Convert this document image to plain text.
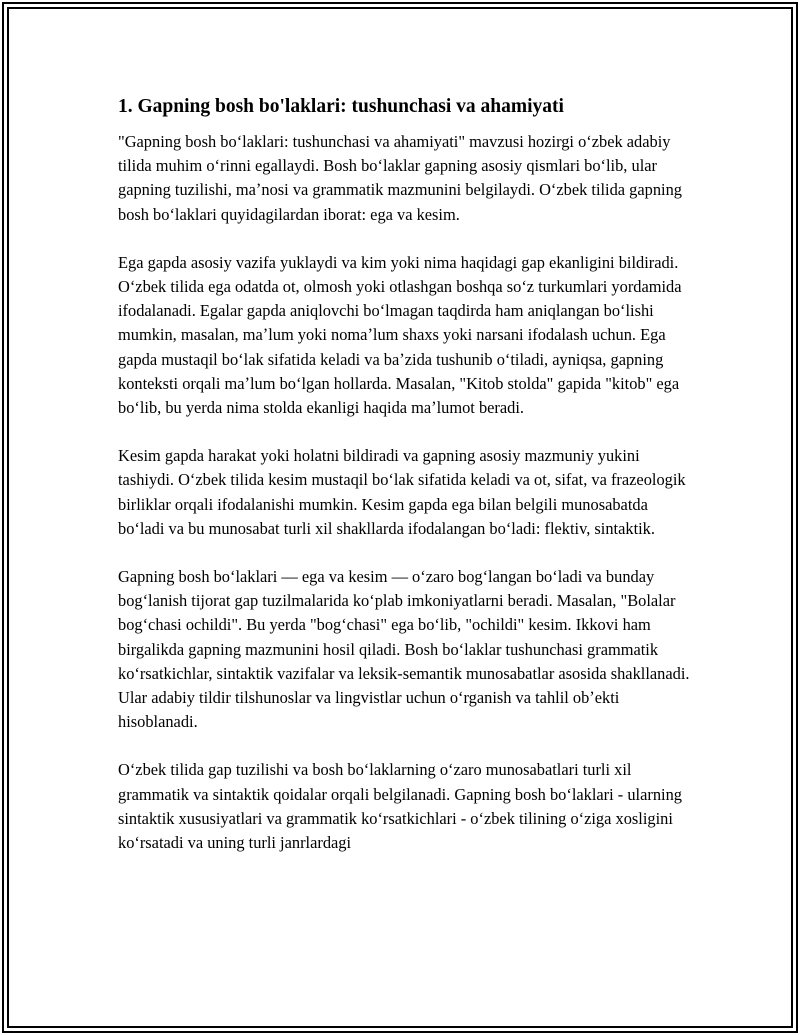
1. Gapning bosh bo'laklari: tushunchasi va ahamiyati

"Gapning bosh boʻlaklari: tushunchasi va ahamiyati" mavzusi hozirgi oʻzbek adabiy tilida muhim oʻrinni egallaydi. Bosh boʻlaklar gapning asosiy qismlari boʻlib, ular gapning tuzilishi, maʼnosi va grammatik mazmunini belgilaydi. Oʻzbek tilida gapning bosh boʻlaklari quyidagilardan iborat: ega va kesim.

Ega gapda asosiy vazifa yuklaydi va kim yoki nima haqidagi gap ekanligini bildiradi. Oʻzbek tilida ega odatda ot, olmosh yoki otlashgan boshqa soʻz turkumlari yordamida ifodalanadi. Egalar gapda aniqlovchi boʻlmagan taqdirda ham aniqlangan boʻlishi mumkin, masalan, maʼlum yoki nomaʼlum shaxs yoki narsani ifodalash uchun. Ega gapda mustaqil boʻlak sifatida keladi va baʼzida tushunib oʻtiladi, ayniqsa, gapning konteksti orqali maʼlum boʻlgan hollarda. Masalan, "Kitob stolda" gapida "kitob" ega boʻlib, bu yerda nima stolda ekanligi haqida maʼlumot beradi.

Kesim gapda harakat yoki holatni bildiradi va gapning asosiy mazmuniy yukini tashiydi. Oʻzbek tilida kesim mustaqil boʻlak sifatida keladi va ot, sifat, va frazeologik birliklar orqali ifodalanishi mumkin. Kesim gapda ega bilan belgili munosabatda boʻladi va bu munosabat turli xil shakllarda ifodalangan boʻladi: flektiv, sintaktik.

Gapning bosh boʻlaklari — ega va kesim — oʻzaro bogʻlangan boʻladi va bunday bogʻlanish tijorat gap tuzilmalarida koʻplab imkoniyatlarni beradi. Masalan, "Bolalar bogʻchasi ochildi". Bu yerda "bogʻchasi" ega boʻlib, "ochildi" kesim. Ikkovi ham birgalikda gapning mazmunini hosil qiladi. Bosh boʻlaklar tushunchasi grammatik koʻrsatkichlar, sintaktik vazifalar va leksik-semantik munosabatlar asosida shakllanadi. Ular adabiy tildir tilshunoslar va lingvistlar uchun oʻrganish va tahlil obʼekti hisoblanadi.

Oʻzbek tilida gap tuzilishi va bosh boʻlaklarning oʻzaro munosabatlari turli xil grammatik va sintaktik qoidalar orqali belgilanadi. Gapning bosh boʻlaklari - ularning sintaktik xususiyatlari va grammatik koʻrsatkichlari - oʻzbek tilining oʻziga xosligini koʻrsatadi va uning turli janrlardagi
